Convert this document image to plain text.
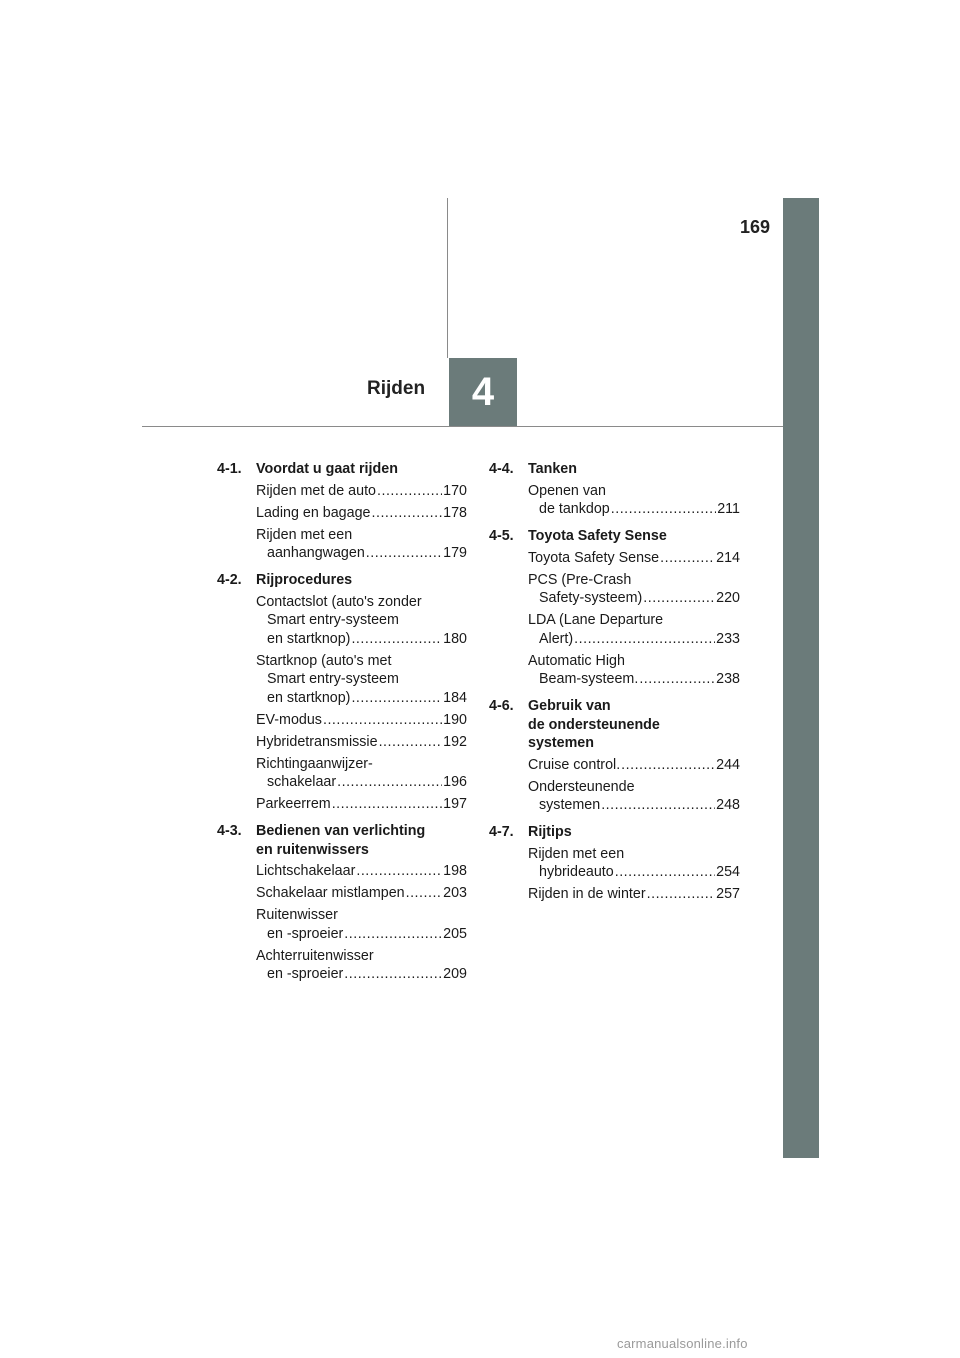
169
Rijden 4
4-1.	Voordat u gaat rijden
Rijden met de auto .....	170
Lading en bagage .....	178
Rijden met een
aanhangwagen .....	179
4-2.	Rijprocedures
Contactslot (auto's zonder
Smart entry-systeem
en startknop) .....	180
Startknop (auto's met
Smart entry-systeem
en startknop) .....	184
EV-modus .....	190
Hybridetransmissie .....	192
Richtingaanwijzer-
schakelaar .....	196
Parkeerrem .....	197
4-3.	Bedienen van verlichting
en ruitenwissers
Lichtschakelaar .....	198
Schakelaar mistlampen .....	203
Ruitenwisser
en -sproeier .....	205
Achterruitenwisser
en -sproeier .....	209
4-4.	Tanken
Openen van
de tankdop .....	211
4-5.	Toyota Safety Sense
Toyota Safety Sense .....	214
PCS (Pre-Crash
Safety-systeem) .....	220
LDA (Lane Departure
Alert) .....	233
Automatic High
Beam-systeem. .....	238
4-6.	Gebruik van
de ondersteunende
systemen
Cruise control. .....	244
Ondersteunende
systemen .....	248
4-7.	Rijtips
Rijden met een
hybrideauto .....	254
Rijden in de winter .....	257
carmanualsonline.info
